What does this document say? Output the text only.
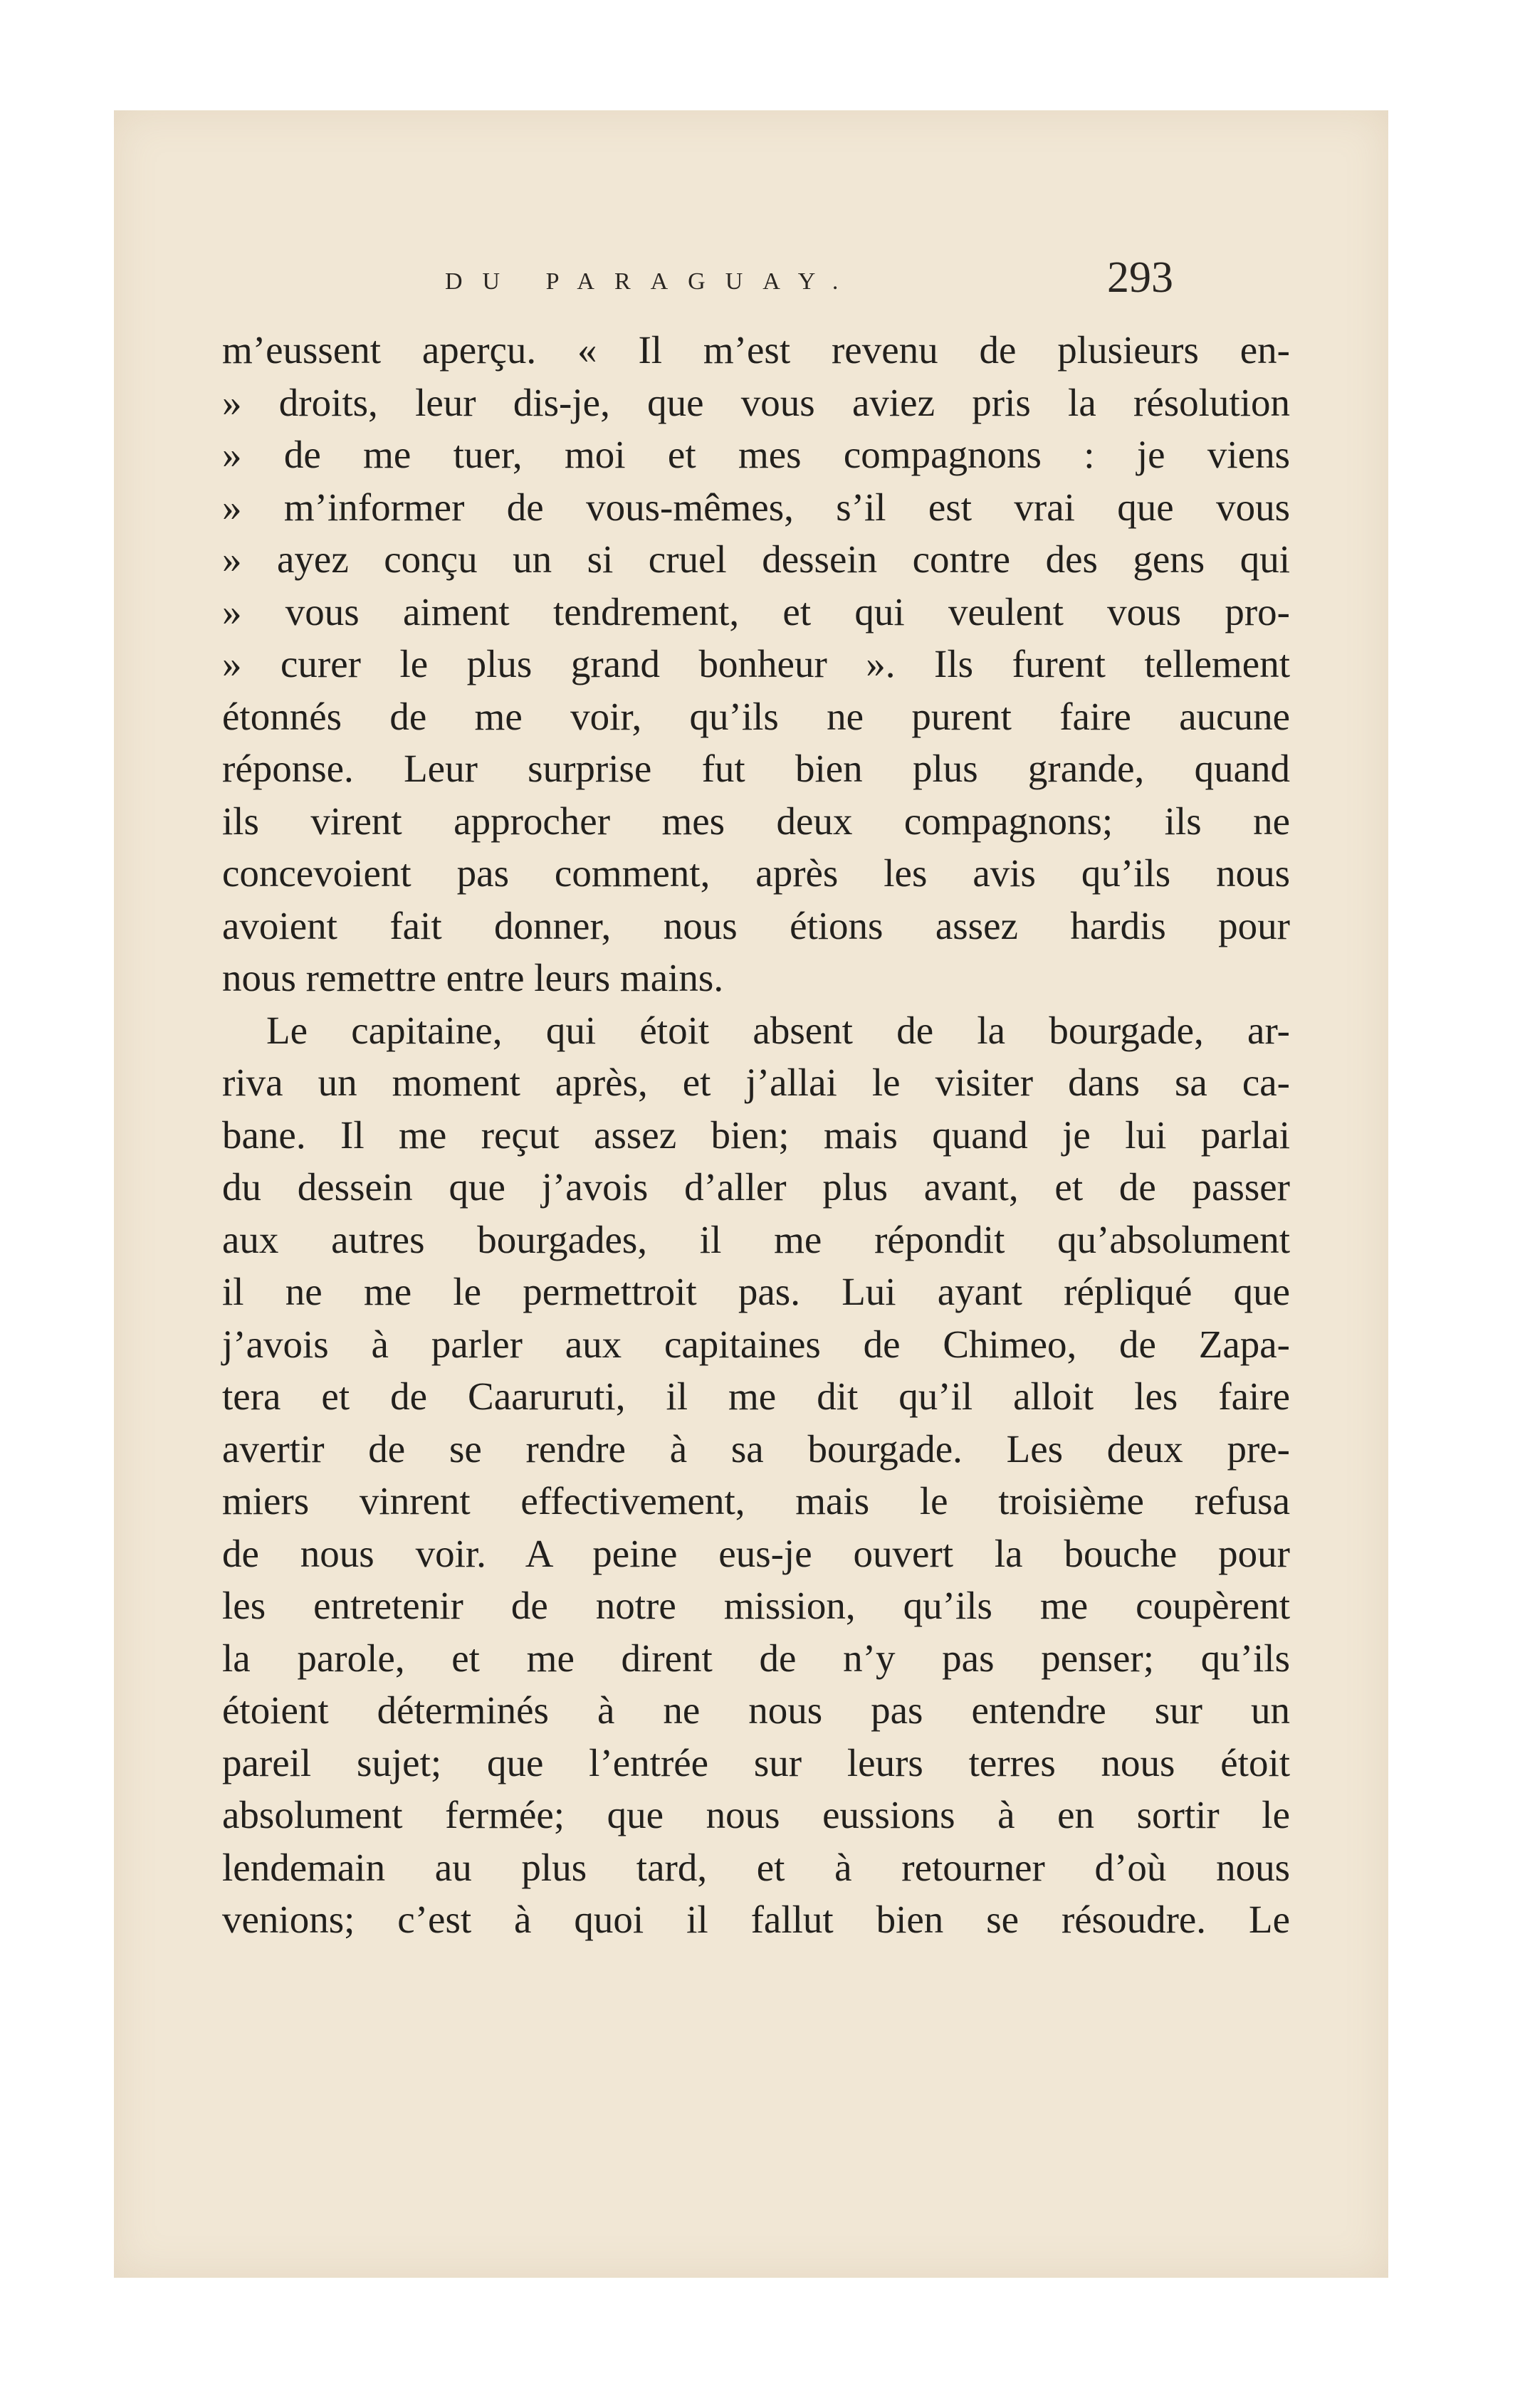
DU PARAGUAY.	293
m’eussent aperçu. « Il m’est revenu de plusieurs en-
» droits, leur dis-je, que vous aviez pris la résolution
» de me tuer, moi et mes compagnons : je viens
» m’informer de vous-mêmes, s’il est vrai que vous
» ayez conçu un si cruel dessein contre des gens qui
» vous aiment tendrement, et qui veulent vous pro-
» curer le plus grand bonheur ». Ils furent tellement
étonnés de me voir, qu’ils ne purent faire aucune
réponse. Leur surprise fut bien plus grande, quand
ils virent approcher mes deux compagnons; ils ne
concevoient pas comment, après les avis qu’ils nous
avoient fait donner, nous étions assez hardis pour
nous remettre entre leurs mains.
Le capitaine, qui étoit absent de la bourgade, ar-
riva un moment après, et j’allai le visiter dans sa ca-
bane. Il me reçut assez bien; mais quand je lui parlai
du dessein que j’avois d’aller plus avant, et de passer
aux autres bourgades, il me répondit qu’absolument
il ne me le permettroit pas. Lui ayant répliqué que
j’avois à parler aux capitaines de Chimeo, de Zapa-
tera et de Caaruruti, il me dit qu’il alloit les faire
avertir de se rendre à sa bourgade. Les deux pre-
miers vinrent effectivement, mais le troisième refusa
de nous voir. A peine eus-je ouvert la bouche pour
les entretenir de notre mission, qu’ils me coupèrent
la parole, et me dirent de n’y pas penser; qu’ils
étoient déterminés à ne nous pas entendre sur un
pareil sujet; que l’entrée sur leurs terres nous étoit
absolument fermée; que nous eussions à en sortir le
lendemain au plus tard, et à retourner d’où nous
venions; c’est à quoi il fallut bien se résoudre. Le
